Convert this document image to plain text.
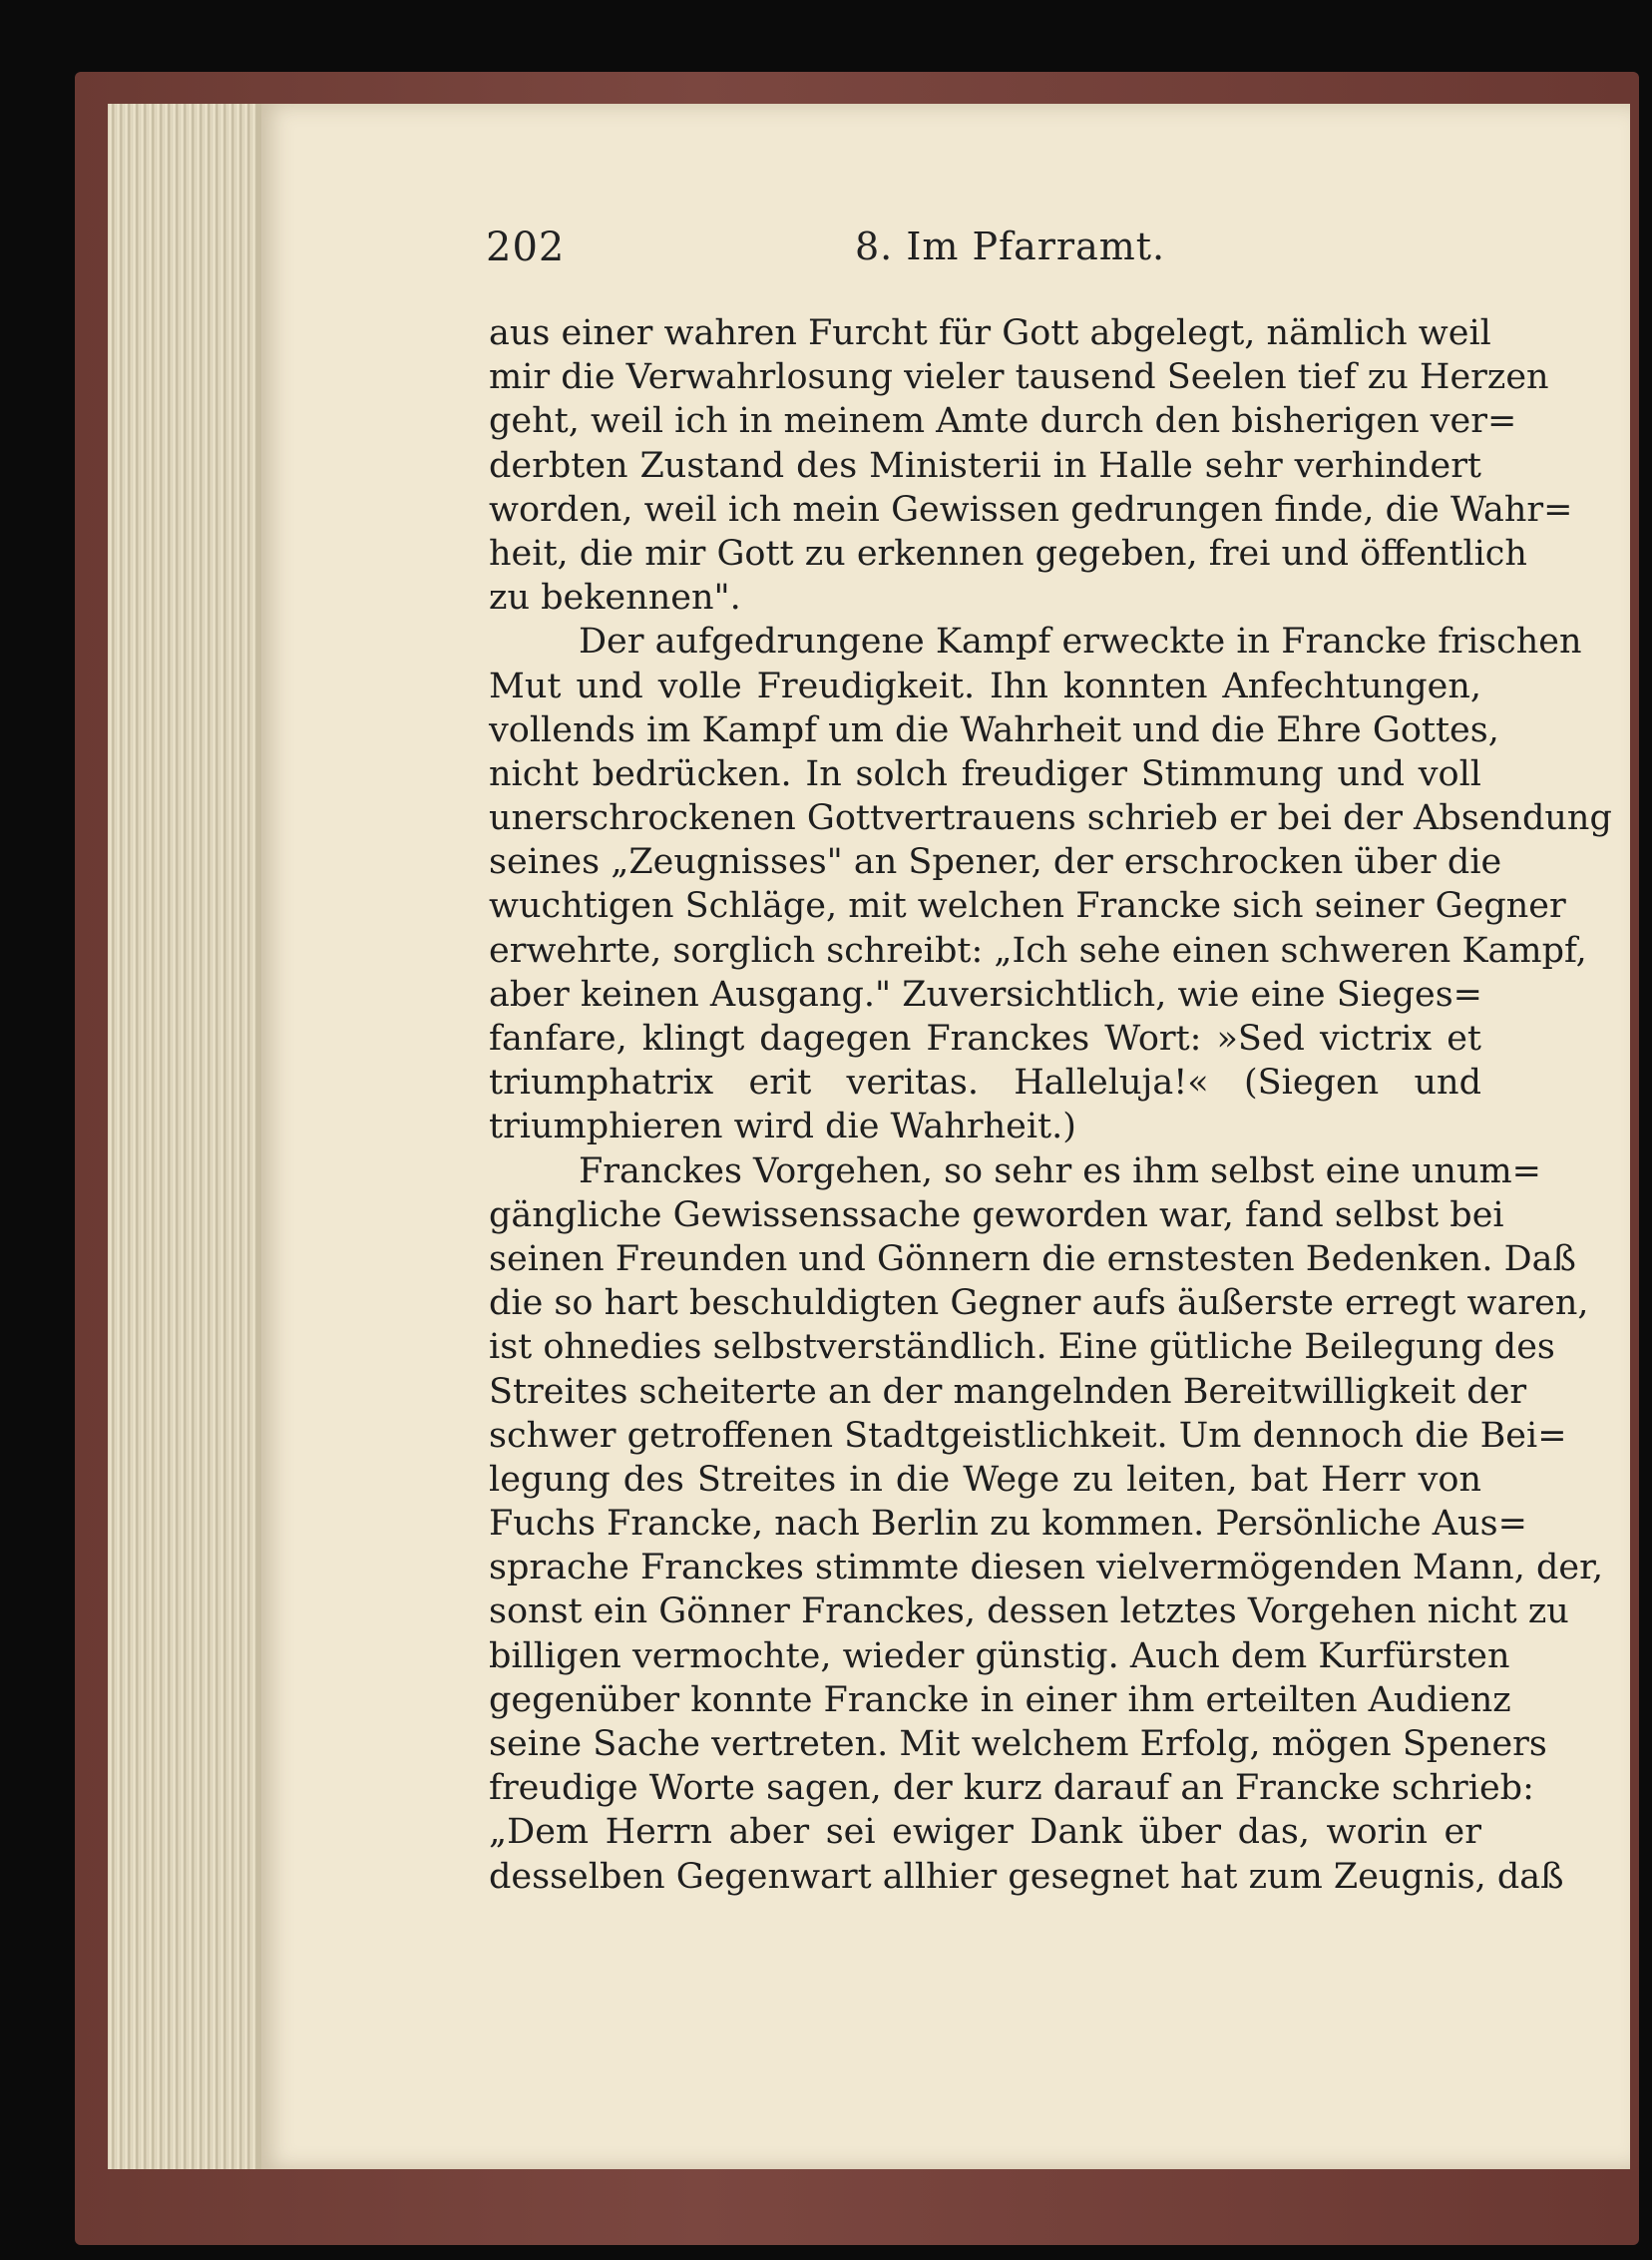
202	8. Im Pfarramt.
aus einer wahren Furcht für Gott abgelegt, nämlich weil
mir die Verwahrlosung vieler tausend Seelen tief zu Herzen
geht, weil ich in meinem Amte durch den bisherigen ver=
derbten Zustand des Ministerii in Halle sehr verhindert
worden, weil ich mein Gewissen gedrungen finde, die Wahr=
heit, die mir Gott zu erkennen gegeben, frei und öffentlich
zu bekennen".
Der aufgedrungene Kampf erweckte in Francke frischen
Mut und volle Freudigkeit. Ihn konnten Anfechtungen,
vollends im Kampf um die Wahrheit und die Ehre Gottes,
nicht bedrücken. In solch freudiger Stimmung und voll
unerschrockenen Gottvertrauens schrieb er bei der Absendung
seines „Zeugnisses" an Spener, der erschrocken über die
wuchtigen Schläge, mit welchen Francke sich seiner Gegner
erwehrte, sorglich schreibt: „Ich sehe einen schweren Kampf,
aber keinen Ausgang." Zuversichtlich, wie eine Sieges=
fanfare, klingt dagegen Franckes Wort: »Sed victrix et
triumphatrix erit veritas. Halleluja!« (Siegen und
triumphieren wird die Wahrheit.)
Franckes Vorgehen, so sehr es ihm selbst eine unum=
gängliche Gewissenssache geworden war, fand selbst bei
seinen Freunden und Gönnern die ernstesten Bedenken. Daß
die so hart beschuldigten Gegner aufs äußerste erregt waren,
ist ohnedies selbstverständlich. Eine gütliche Beilegung des
Streites scheiterte an der mangelnden Bereitwilligkeit der
schwer getroffenen Stadtgeistlichkeit. Um dennoch die Bei=
legung des Streites in die Wege zu leiten, bat Herr von
Fuchs Francke, nach Berlin zu kommen. Persönliche Aus=
sprache Franckes stimmte diesen vielvermögenden Mann, der,
sonst ein Gönner Franckes, dessen letztes Vorgehen nicht zu
billigen vermochte, wieder günstig. Auch dem Kurfürsten
gegenüber konnte Francke in einer ihm erteilten Audienz
seine Sache vertreten. Mit welchem Erfolg, mögen Speners
freudige Worte sagen, der kurz darauf an Francke schrieb:
„Dem Herrn aber sei ewiger Dank über das, worin er
desselben Gegenwart allhier gesegnet hat zum Zeugnis, daß
